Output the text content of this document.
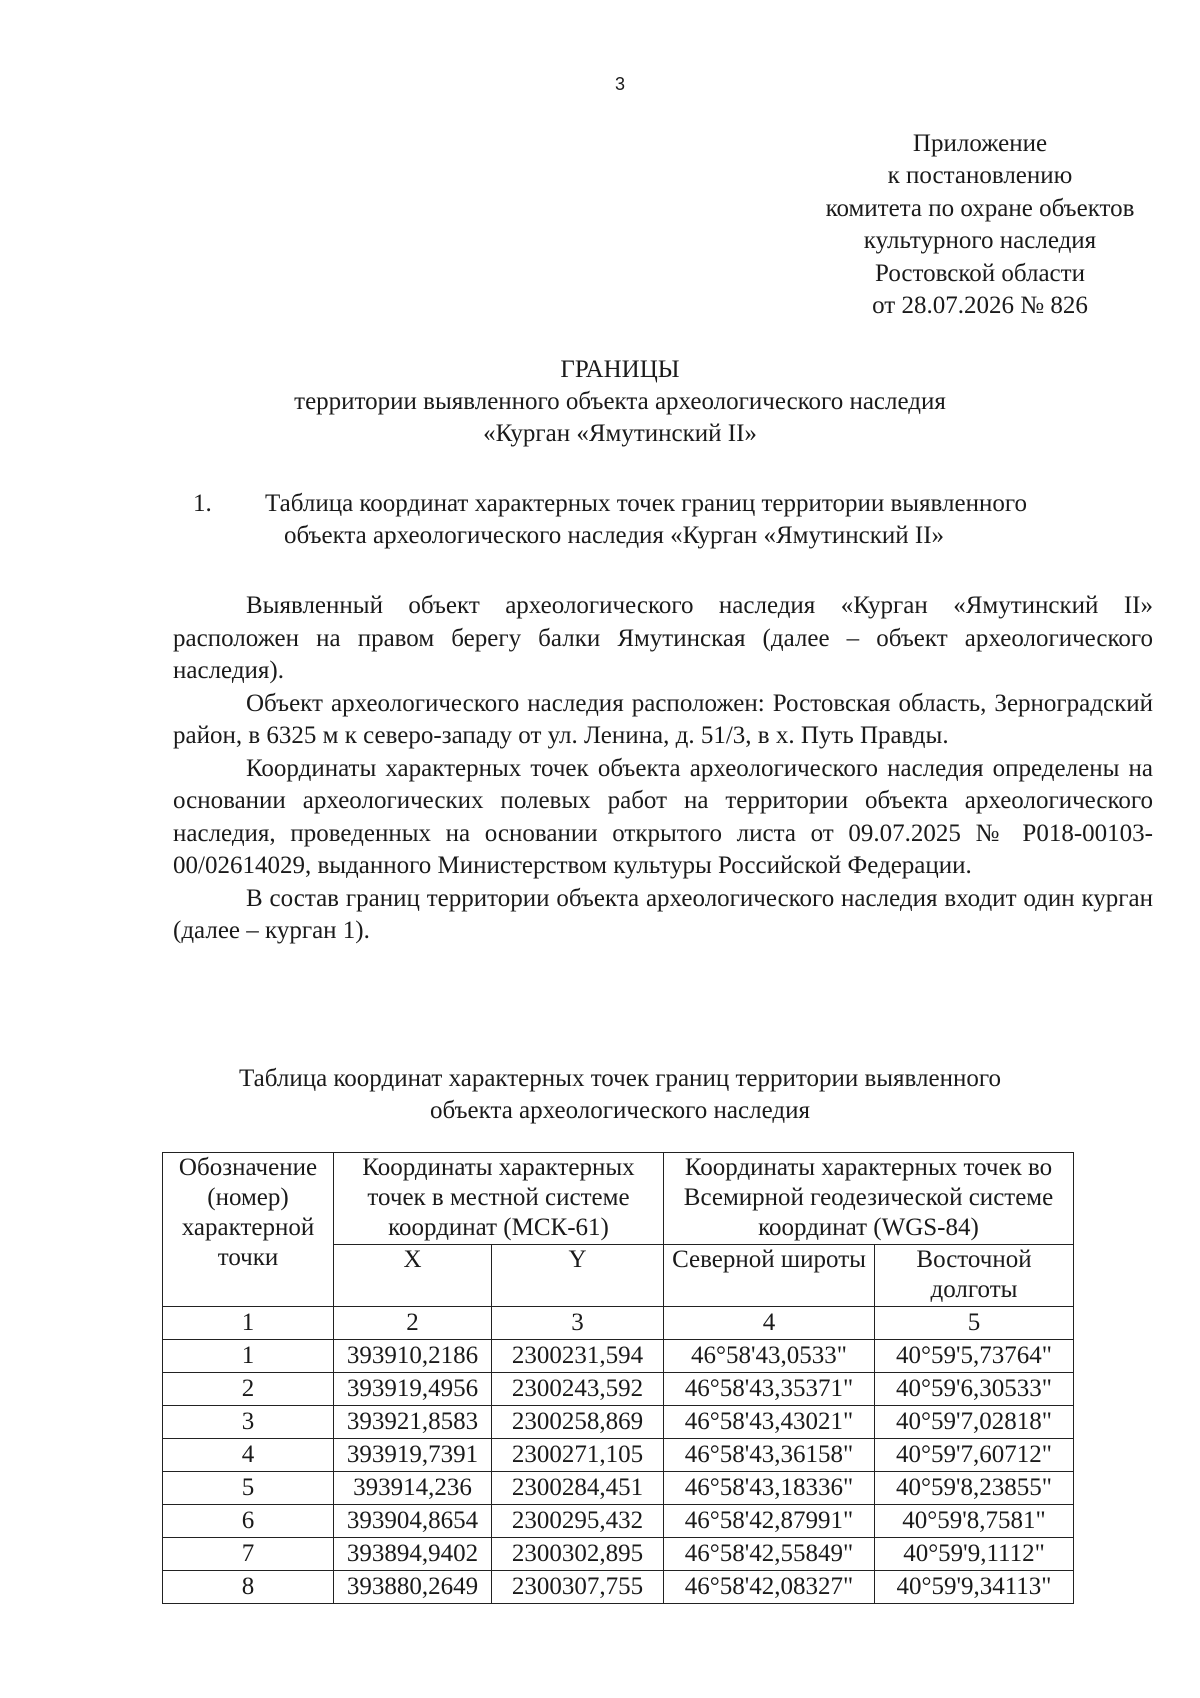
3
Приложение
к постановлению
комитета по охране объектов
культурного наследия
Ростовской области
от 28.07.2026 № 826
ГРАНИЦЫ
территории выявленного объекта археологического наследия
«Курган «Ямутинский II»
1. Таблица координат характерных точек границ территории выявленного
объекта археологического наследия «Курган «Ямутинский II»

Выявленный объект археологического наследия «Курган «Ямутинский II» расположен на правом берегу балки Ямутинская (далее – объект археологического наследия).

Объект археологического наследия расположен: Ростовская область, Зерноградский район, в 6325 м к северо-западу от ул. Ленина, д. 51/3, в х. Путь Правды.

Координаты характерных точек объекта археологического наследия определены на основании археологических полевых работ на территории объекта археологического наследия, проведенных на основании открытого листа от 09.07.2025 № Р018-00103-00/02614029, выданного Министерством культуры Российской Федерации.

В состав границ территории объекта археологического наследия входит один курган (далее – курган 1).

Таблица координат характерных точек границ территории выявленного
объекта археологического наследия
Обозначение (номер) характерной точки	Координаты характерных точек в местной системе координат (МСК-61)		Координаты характерных точек во Всемирной геодезической системе координат (WGS-84)	
	X	Y	Северной широты	Восточной долготы
1	2	3	4	5
1	393910,2186	2300231,594	46°58'43,0533"	40°59'5,73764"
2	393919,4956	2300243,592	46°58'43,35371"	40°59'6,30533"
3	393921,8583	2300258,869	46°58'43,43021"	40°59'7,02818"
4	393919,7391	2300271,105	46°58'43,36158"	40°59'7,60712"
5	393914,236	2300284,451	46°58'43,18336"	40°59'8,23855"
6	393904,8654	2300295,432	46°58'42,87991"	40°59'8,7581"
7	393894,9402	2300302,895	46°58'42,55849"	40°59'9,1112"
8	393880,2649	2300307,755	46°58'42,08327"	40°59'9,34113"
